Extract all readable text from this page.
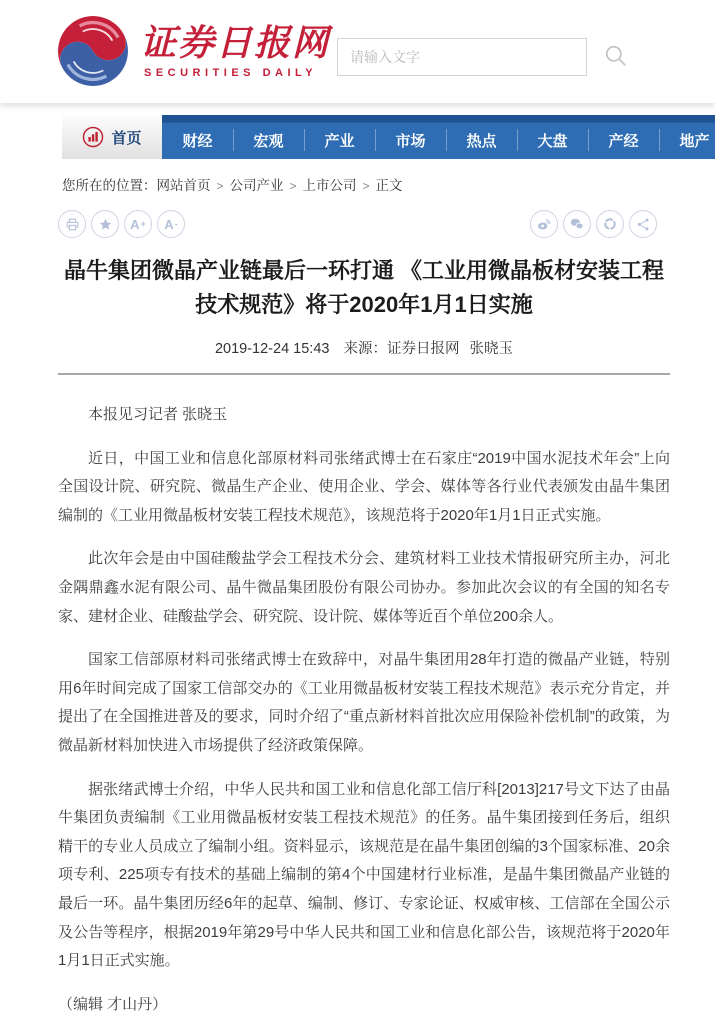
证券日报网
SECURITIES DAILY
请输入文字
首页	财经	宏观	产业	市场	热点	大盘	产经	地产
您所在的位置：网站首页 > 公司产业 > 上市公司 > 正文
A + A -
晶牛集团微晶产业链最后一环打通 《工业用微晶板材安装工程技术规范》将于2020年1月1日实施
2019-12-24 15:43 来源：证券日报网 张晓玉

本报见习记者 张晓玉

近日，中国工业和信息化部原材料司张绪武博士在石家庄“2019中国水泥技术年会”上向全国设计院、研究院、微晶生产企业、使用企业、学会、媒体等各行业代表颁发由晶牛集团编制的《工业用微晶板材安装工程技术规范》，该规范将于2020年1月1日正式实施。

此次年会是由中国硅酸盐学会工程技术分会、建筑材料工业技术情报研究所主办，河北金隅鼎鑫水泥有限公司、晶牛微晶集团股份有限公司协办。参加此次会议的有全国的知名专家、建材企业、硅酸盐学会、研究院、设计院、媒体等近百个单位200余人。

国家工信部原材料司张绪武博士在致辞中，对晶牛集团用28年打造的微晶产业链，特别用6年时间完成了国家工信部交办的《工业用微晶板材安装工程技术规范》表示充分肯定，并提出了在全国推进普及的要求，同时介绍了“重点新材料首批次应用保险补偿机制”的政策，为微晶新材料加快进入市场提供了经济政策保障。

据张绪武博士介绍，中华人民共和国工业和信息化部工信厅科[2013]217号文下达了由晶牛集团负责编制《工业用微晶板材安装工程技术规范》的任务。晶牛集团接到任务后，组织精干的专业人员成立了编制小组。资料显示，该规范是在晶牛集团创编的3个国家标准、20余项专利、225项专有技术的基础上编制的第4个中国建材行业标准，是晶牛集团微晶产业链的最后一环。晶牛集团历经6年的起草、编制、修订、专家论证、权威审核、工信部在全国公示及公告等程序，根据2019年第29号中华人民共和国工业和信息化部公告，该规范将于2020年1月1日正式实施。

（编辑 才山丹）
